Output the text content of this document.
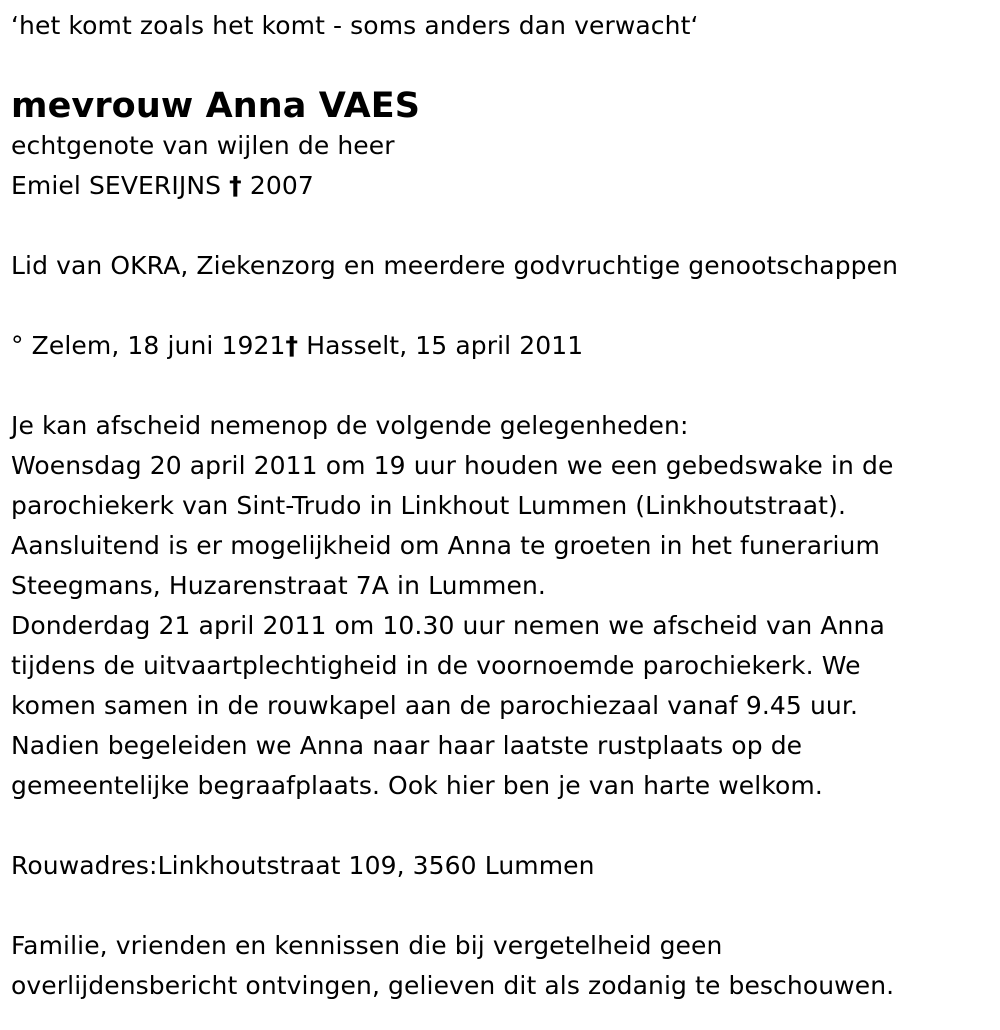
‘het komt zoals het komt - soms anders dan verwacht‘

mevrouw Anna VAES

echtgenote van wijlen de heer

Emiel SEVERIJNS † 2007

Lid van OKRA, Ziekenzorg en meerdere godvruchtige genootschappen

° Zelem, 18 juni 1921† Hasselt, 15 april 2011

Je kan afscheid nemenop de volgende gelegenheden:

Woensdag 20 april 2011 om 19 uur houden we een gebedswake in de

parochiekerk van Sint-Trudo in Linkhout Lummen (Linkhoutstraat).

Aansluitend is er mogelijkheid om Anna te groeten in het funerarium

Steegmans, Huzarenstraat 7A in Lummen.

Donderdag 21 april 2011 om 10.30 uur nemen we afscheid van Anna

tijdens de uitvaartplechtigheid in de voornoemde parochiekerk. We

komen samen in de rouwkapel aan de parochiezaal vanaf 9.45 uur.

Nadien begeleiden we Anna naar haar laatste rustplaats op de

gemeentelijke begraafplaats. Ook hier ben je van harte welkom.

Rouwadres:Linkhoutstraat 109, 3560 Lummen

Familie, vrienden en kennissen die bij vergetelheid geen

overlijdensbericht ontvingen, gelieven dit als zodanig te beschouwen.
